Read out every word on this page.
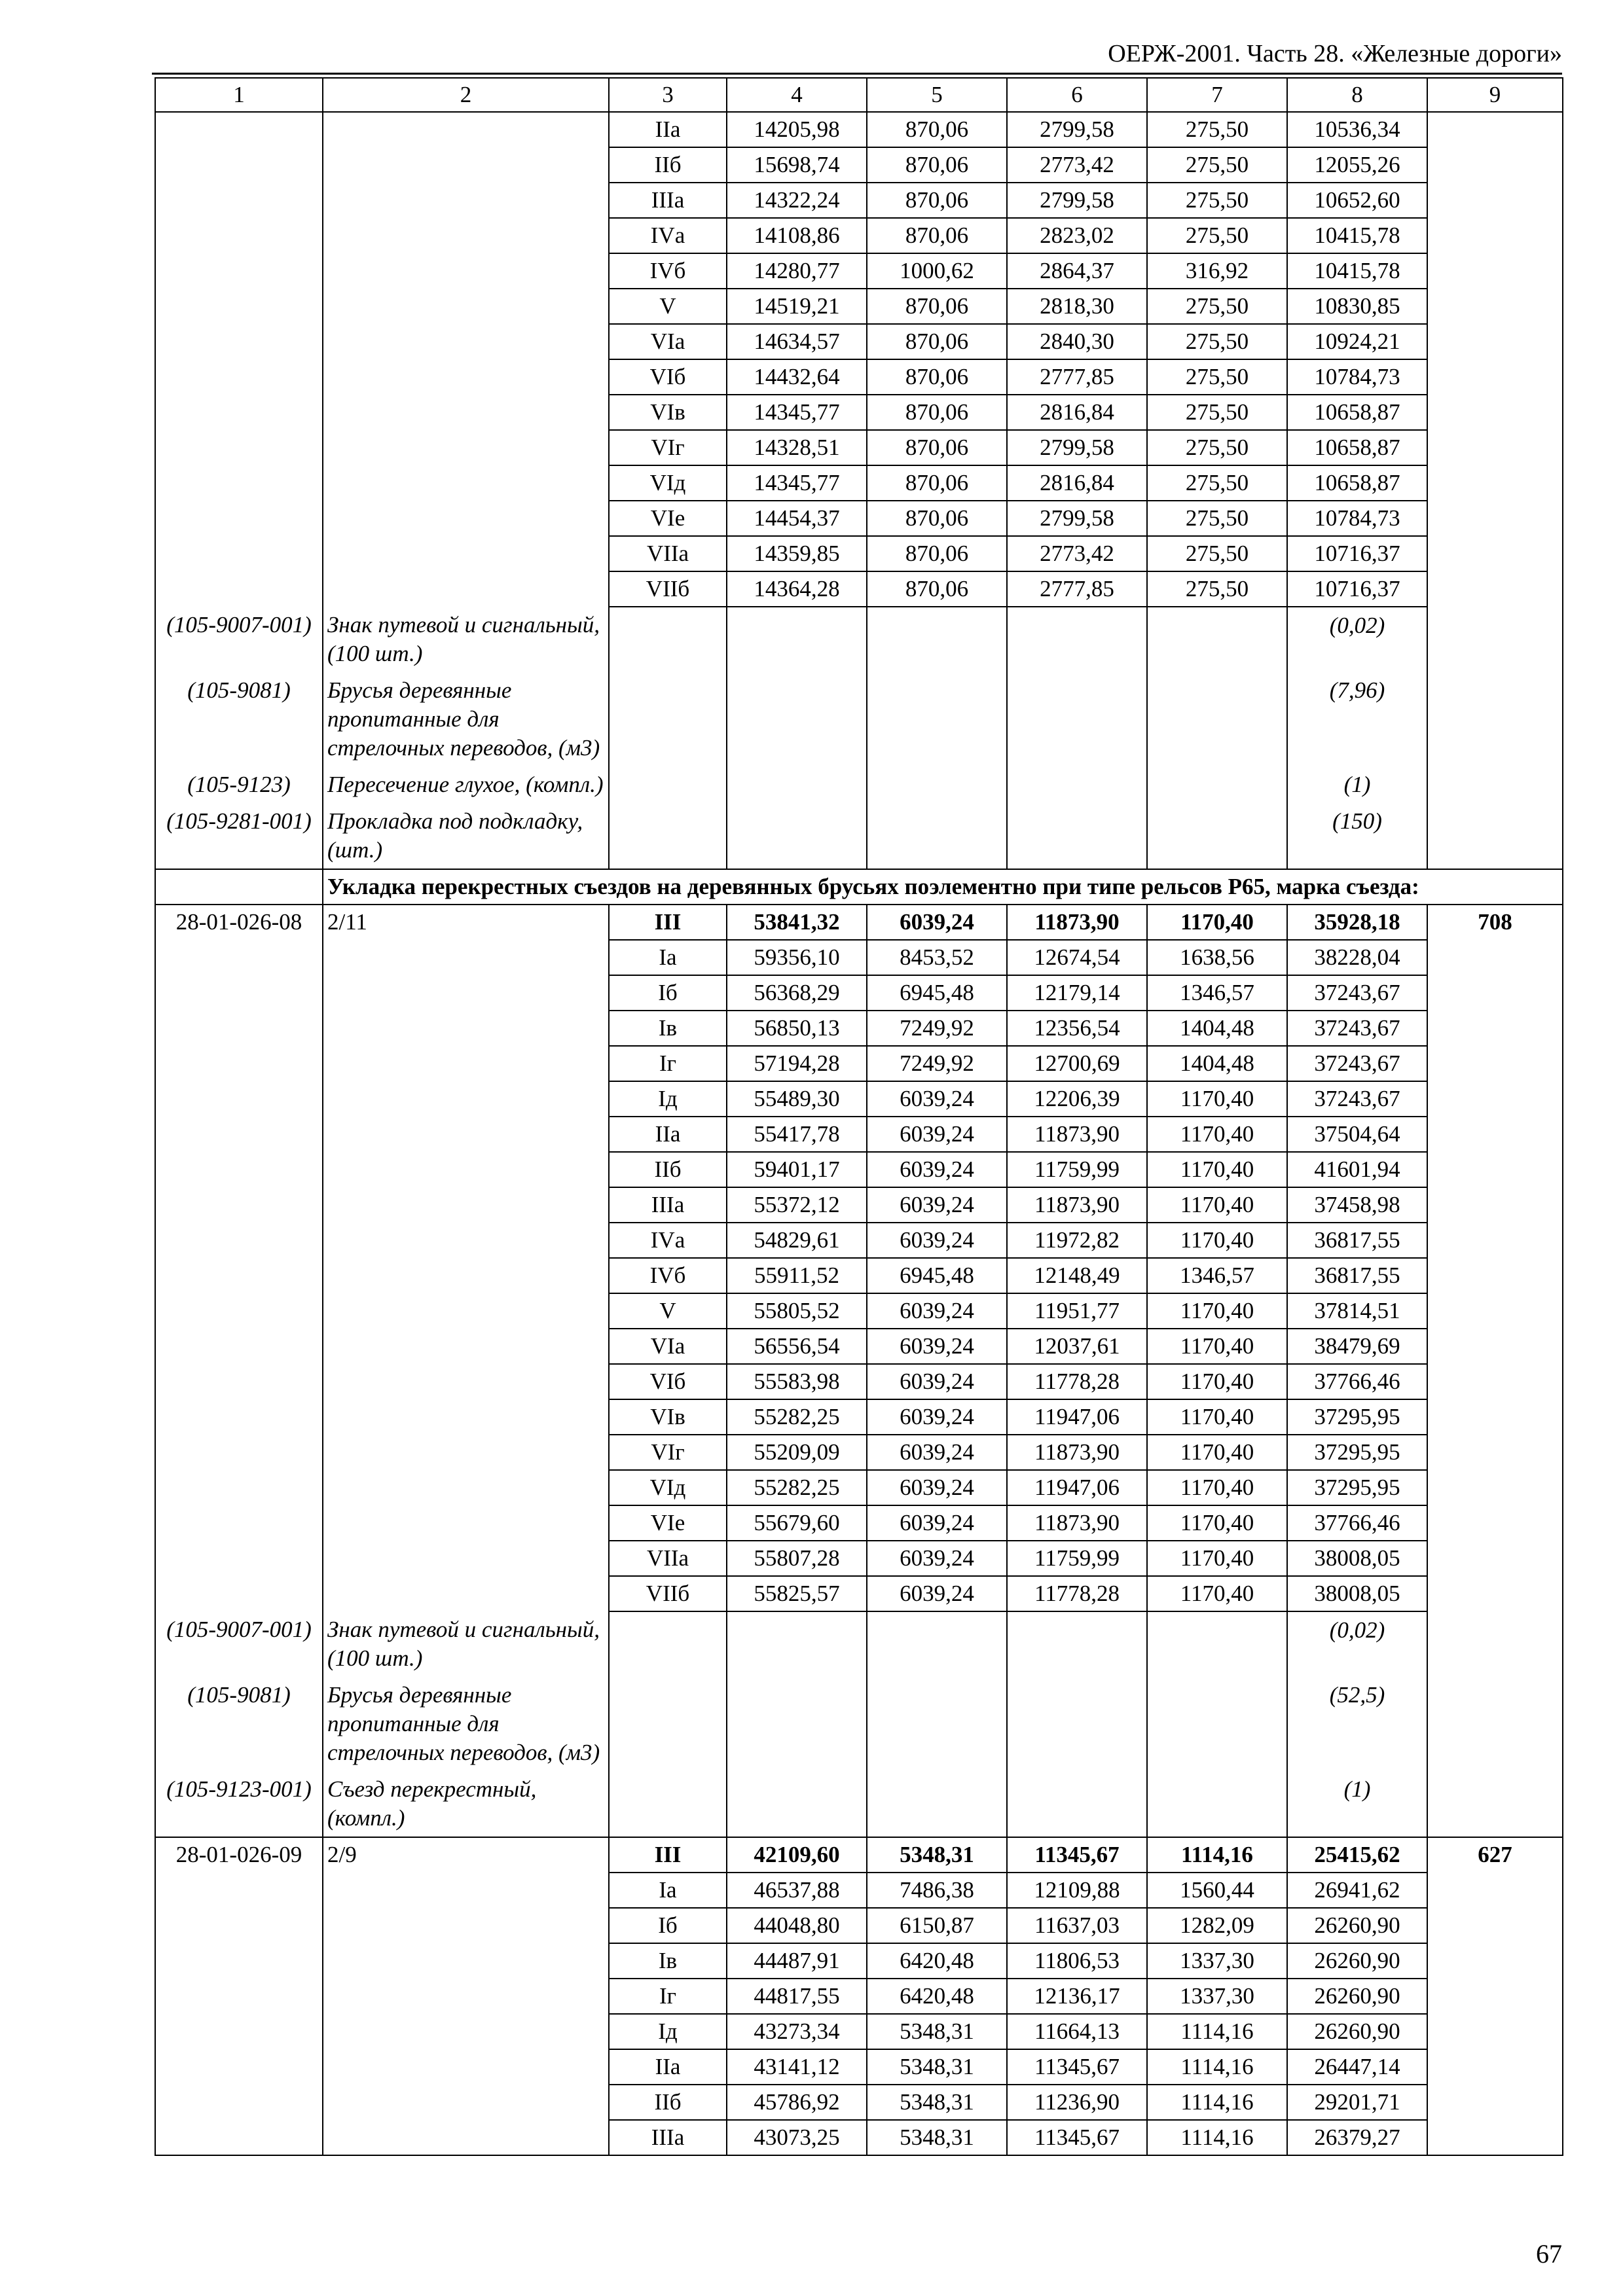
ОЕРЖ-2001. Часть 28. «Железные дороги»
1	2	3	4	5	6	7	8	9
		IIа	14205,98	870,06	2799,58	275,50	10536,34	
		IIб	15698,74	870,06	2773,42	275,50	12055,26	
		IIIа	14322,24	870,06	2799,58	275,50	10652,60	
		IVа	14108,86	870,06	2823,02	275,50	10415,78	
		IVб	14280,77	1000,62	2864,37	316,92	10415,78	
		V	14519,21	870,06	2818,30	275,50	10830,85	
		VIа	14634,57	870,06	2840,30	275,50	10924,21	
		VIб	14432,64	870,06	2777,85	275,50	10784,73	
		VIв	14345,77	870,06	2816,84	275,50	10658,87	
		VIг	14328,51	870,06	2799,58	275,50	10658,87	
		VIд	14345,77	870,06	2816,84	275,50	10658,87	
		VIе	14454,37	870,06	2799,58	275,50	10784,73	
		VIIа	14359,85	870,06	2773,42	275,50	10716,37	
		VIIб	14364,28	870,06	2777,85	275,50	10716,37	
(105-9007-001)	Знак путевой и сигнальный, (100 шт.)						(0,02)	
(105-9081)	Брусья деревянные пропитанные для стрелочных переводов, (м3)						(7,96)	
(105-9123)	Пересечение глухое, (компл.)						(1)	
(105-9281-001)	Прокладка под подкладку, (шт.)						(150)	
	Укладка перекрестных съездов на деревянных брусьях поэлементно при типе рельсов Р65, марка съезда:							
28-01-026-08	2/11	III	53841,32	6039,24	11873,90	1170,40	35928,18	708
		Iа	59356,10	8453,52	12674,54	1638,56	38228,04	
		Iб	56368,29	6945,48	12179,14	1346,57	37243,67	
		Iв	56850,13	7249,92	12356,54	1404,48	37243,67	
		Iг	57194,28	7249,92	12700,69	1404,48	37243,67	
		Iд	55489,30	6039,24	12206,39	1170,40	37243,67	
		IIа	55417,78	6039,24	11873,90	1170,40	37504,64	
		IIб	59401,17	6039,24	11759,99	1170,40	41601,94	
		IIIа	55372,12	6039,24	11873,90	1170,40	37458,98	
		IVа	54829,61	6039,24	11972,82	1170,40	36817,55	
		IVб	55911,52	6945,48	12148,49	1346,57	36817,55	
		V	55805,52	6039,24	11951,77	1170,40	37814,51	
		VIа	56556,54	6039,24	12037,61	1170,40	38479,69	
		VIб	55583,98	6039,24	11778,28	1170,40	37766,46	
		VIв	55282,25	6039,24	11947,06	1170,40	37295,95	
		VIг	55209,09	6039,24	11873,90	1170,40	37295,95	
		VIд	55282,25	6039,24	11947,06	1170,40	37295,95	
		VIе	55679,60	6039,24	11873,90	1170,40	37766,46	
		VIIа	55807,28	6039,24	11759,99	1170,40	38008,05	
		VIIб	55825,57	6039,24	11778,28	1170,40	38008,05	
(105-9007-001)	Знак путевой и сигнальный, (100 шт.)						(0,02)	
(105-9081)	Брусья деревянные пропитанные для стрелочных переводов, (м3)						(52,5)	
(105-9123-001)	Съезд перекрестный, (компл.)						(1)	
28-01-026-09	2/9	III	42109,60	5348,31	11345,67	1114,16	25415,62	627
		Iа	46537,88	7486,38	12109,88	1560,44	26941,62	
		Iб	44048,80	6150,87	11637,03	1282,09	26260,90	
		Iв	44487,91	6420,48	11806,53	1337,30	26260,90	
		Iг	44817,55	6420,48	12136,17	1337,30	26260,90	
		Iд	43273,34	5348,31	11664,13	1114,16	26260,90	
		IIа	43141,12	5348,31	11345,67	1114,16	26447,14	
		IIб	45786,92	5348,31	11236,90	1114,16	29201,71	
		IIIа	43073,25	5348,31	11345,67	1114,16	26379,27	
67
